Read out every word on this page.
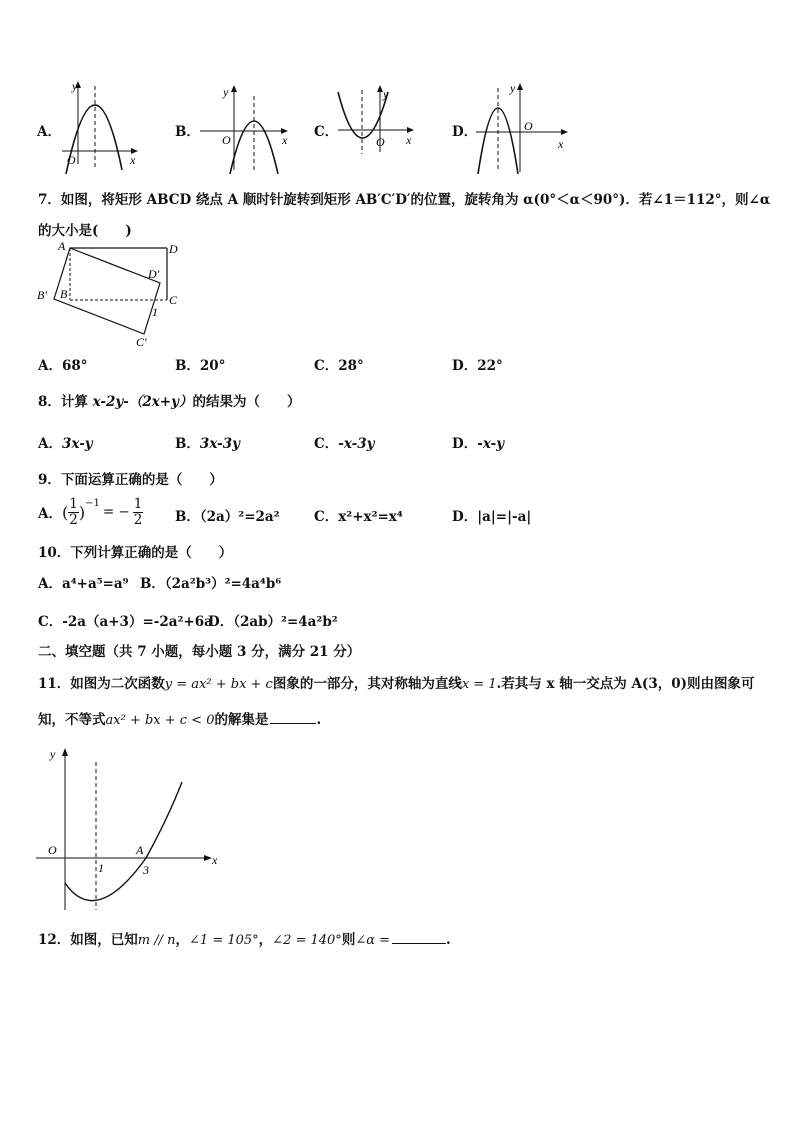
A．
y
x
O
B．
y
x
O	C．
y
x
O
D．
y
x
O
7．如图，将矩形 ABCD 绕点 A 顺时针旋转到矩形 AB′C′D′的位置，旋转角为 α(0°＜α＜90°)．若∠1＝112°，则∠α
的大小是(　　)
A	D
D′
B′ B	C
1
C′
A．68°	B．20°	C．28°	D．22°
8．计算 x-2y-（2x+y）的结果为（　　）
A．3x-y	B．3x-3y	C．-x-3y	D．-x-y
9．下面运算正确的是（　　）
A． ( $\frac{1}{2}$ ) −1
= − $\frac{1}{2}$ B．（2a）²=2a²	C．x²+x²=x⁴	D．|a|=|-a|
10．下列计算正确的是（　　）
A．a⁴+a⁵=a⁹ B．（2a²b³）²=4a⁴b⁶
C．-2a（a+3）=-2a²+6a
D．（2ab）²=4a²b²
二、填空题（共 7 小题，每小题 3 分，满分 21 分）
11．如图为二次函数y = ax² + bx + c图象的一部分，其对称轴为直线x = 1.若其与 x 轴一交点为 A(3，0)则由图象可
知，不等式ax² + bx + c < 0的解集是	.
y
x
O	A
1	3
12．如图，已知m // n，∠1 = 105°，∠2 = 140°则∠α =	.
